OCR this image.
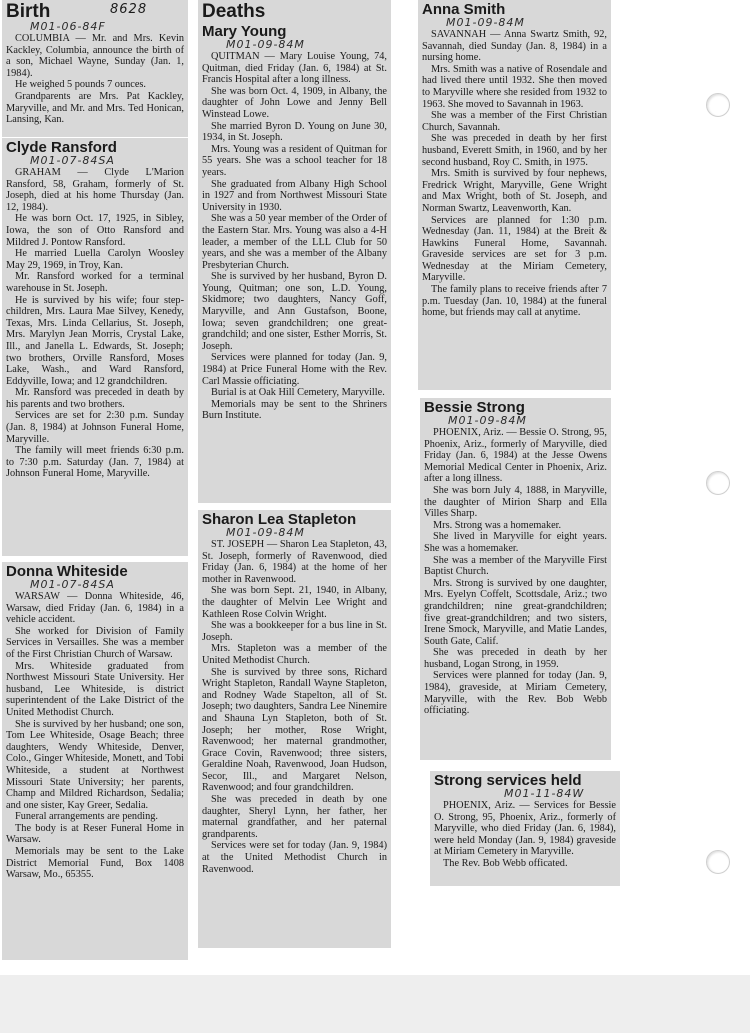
Birth	8628
M01-06-84F

COLUMBIA — Mr. and Mrs. Kevin Kackley, Columbia, announce the birth of a son, Michael Wayne, Sunday (Jan. 1, 1984).

He weighed 5 pounds 7 ounces.

Grandparents are Mrs. Pat Kackley, Maryville, and Mr. and Mrs. Ted Honican, Lansing, Kan.

Clyde Ransford
M01-07-84SA

GRAHAM — Clyde L'Marion Ransford, 58, Graham, formerly of St. Joseph, died at his home Thursday (Jan. 12, 1984).

He was born Oct. 17, 1925, in Sibley, Iowa, the son of Otto Ransford and Mildred J. Pontow Ransford.

He married Luella Carolyn Woosley May 29, 1969, in Troy, Kan.

Mr. Ransford worked for a terminal warehouse in St. Joseph.

He is survived by his wife; four step-children, Mrs. Laura Mae Silvey, Kenedy, Texas, Mrs. Linda Cellarius, St. Joseph, Mrs. Marylyn Jean Morris, Crystal Lake, Ill., and Janella L. Edwards, St. Joseph; two brothers, Orville Ransford, Moses Lake, Wash., and Ward Ransford, Eddyville, Iowa; and 12 grandchildren.

Mr. Ransford was preceded in death by his parents and two brothers.

Services are set for 2:30 p.m. Sunday (Jan. 8, 1984) at Johnson Funeral Home, Maryville.

The family will meet friends 6:30 p.m. to 7:30 p.m. Saturday (Jan. 7, 1984) at Johnson Funeral Home, Maryville.

Donna Whiteside
M01-07-84SA

WARSAW — Donna Whiteside, 46, Warsaw, died Friday (Jan. 6, 1984) in a vehicle accident.

She worked for Division of Family Services in Versailles. She was a member of the First Christian Church of Warsaw.

Mrs. Whiteside graduated from Northwest Missouri State University. Her husband, Lee Whiteside, is district superintendent of the Lake District of the United Methodist Church.

She is survived by her husband; one son, Tom Lee Whiteside, Osage Beach; three daughters, Wendy Whiteside, Denver, Colo., Ginger Whiteside, Monett, and Tobi Whiteside, a student at Northwest Missouri State University; her parents, Champ and Mildred Richardson, Sedalia; and one sister, Kay Greer, Sedalia.

Funeral arrangements are pending.

The body is at Reser Funeral Home in Warsaw.

Memorials may be sent to the Lake District Memorial Fund, Box 1408 Warsaw, Mo., 65355.

Deaths
Mary Young
M01-09-84M

QUITMAN — Mary Louise Young, 74, Quitman, died Friday (Jan. 6, 1984) at St. Francis Hospital after a long illness.

She was born Oct. 4, 1909, in Albany, the daughter of John Lowe and Jenny Bell Winstead Lowe.

She married Byron D. Young on June 30, 1934, in St. Joseph.

Mrs. Young was a resident of Quitman for 55 years. She was a school teacher for 18 years.

She graduated from Albany High School in 1927 and from Northwest Missouri State University in 1930.

She was a 50 year member of the Order of the Eastern Star. Mrs. Young was also a 4-H leader, a member of the LLL Club for 50 years, and she was a member of the Albany Presbyterian Church.

She is survived by her husband, Byron D. Young, Quitman; one son, L.D. Young, Skidmore; two daughters, Nancy Goff, Maryville, and Ann Gustafson, Boone, Iowa; seven grandchildren; one great-grandchild; and one sister, Esther Morris, St. Joseph.

Services were planned for today (Jan. 9, 1984) at Price Funeral Home with the Rev. Carl Massie officiating.

Burial is at Oak Hill Cemetery, Maryville.

Memorials may be sent to the Shriners Burn Institute.

Sharon Lea Stapleton
M01-09-84M

ST. JOSEPH — Sharon Lea Stapleton, 43, St. Joseph, formerly of Ravenwood, died Friday (Jan. 6, 1984) at the home of her mother in Ravenwood.

She was born Sept. 21, 1940, in Albany, the daughter of Melvin Lee Wright and Kathleen Rose Colvin Wright.

She was a bookkeeper for a bus line in St. Joseph.

Mrs. Stapleton was a member of the United Methodist Church.

She is survived by three sons, Richard Wright Stapleton, Randall Wayne Stapleton, and Rodney Wade Stapelton, all of St. Joseph; two daughters, Sandra Lee Ninemire and Shauna Lyn Stapleton, both of St. Joseph; her mother, Rose Wright, Ravenwood; her maternal grandmother, Grace Covin, Ravenwood; three sisters, Geraldine Noah, Ravenwood, Joan Hudson, Secor, Ill., and Margaret Nelson, Ravenwood; and four grandchildren.

She was preceded in death by one daughter, Sheryl Lynn, her father, her maternal grandfather, and her paternal grandparents.

Services were set for today (Jan. 9, 1984) at the United Methodist Church in Ravenwood.

Anna Smith
M01-09-84M

SAVANNAH — Anna Swartz Smith, 92, Savannah, died Sunday (Jan. 8, 1984) in a nursing home.

Mrs. Smith was a native of Rosendale and had lived there until 1932. She then moved to Maryville where she resided from 1932 to 1963. She moved to Savannah in 1963.

She was a member of the First Christian Church, Savannah.

She was preceded in death by her first husband, Everett Smith, in 1960, and by her second husband, Roy C. Smith, in 1975.

Mrs. Smith is survived by four nephews, Fredrick Wright, Maryville, Gene Wright and Max Wright, both of St. Joseph, and Norman Swartz, Leavenworth, Kan.

Services are planned for 1:30 p.m. Wednesday (Jan. 11, 1984) at the Breit & Hawkins Funeral Home, Savannah. Graveside services are set for 3 p.m. Wednesday at the Miriam Cemetery, Maryville.

The family plans to receive friends after 7 p.m. Tuesday (Jan. 10, 1984) at the funeral home, but friends may call at anytime.

Bessie Strong
M01-09-84M

PHOENIX, Ariz. — Bessie O. Strong, 95, Phoenix, Ariz., formerly of Maryville, died Friday (Jan. 6, 1984) at the Jesse Owens Memorial Medical Center in Phoenix, Ariz. after a long illness.

She was born July 4, 1888, in Maryville, the daughter of Mirion Sharp and Ella Villes Sharp.

Mrs. Strong was a homemaker.

She lived in Maryville for eight years. She was a homemaker.

She was a member of the Maryville First Baptist Church.

Mrs. Strong is survived by one daughter, Mrs. Eyelyn Coffelt, Scottsdale, Ariz.; two grandchildren; nine great-grandchildren; five great-grandchildren; and two sisters, Irene Smock, Maryville, and Matie Landes, South Gate, Calif.

She was preceded in death by her husband, Logan Strong, in 1959.

Services were planned for today (Jan. 9, 1984), graveside, at Miriam Cemetery, Maryville, with the Rev. Bob Webb officiating.

Strong services held
M01-11-84W

PHOENIX, Ariz. — Services for Bessie O. Strong, 95, Phoenix, Ariz., formerly of Maryville, who died Friday (Jan. 6, 1984), were held Monday (Jan. 9, 1984) graveside at Miriam Cemetery in Maryville.

The Rev. Bob Webb officated.
